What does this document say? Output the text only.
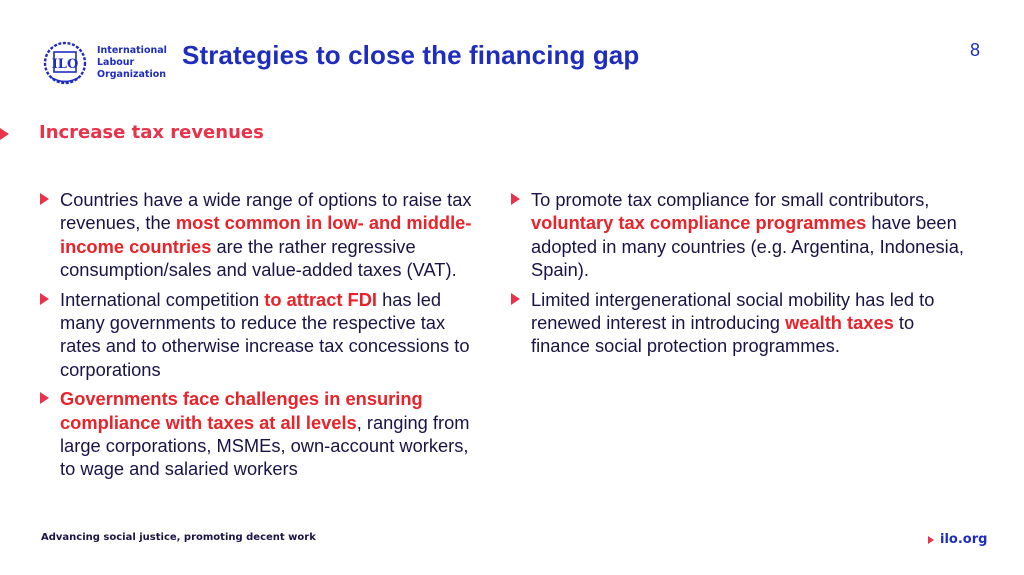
ILO
International
Labour
Organization
Strategies to close the financing gap	8
Increase tax revenues
Countries have a wide range of options to raise tax revenues, the most common in low- and middle-income countries are the rather regressive consumption/sales and value-added taxes (VAT).
International competition to attract FDI has led many governments to reduce the respective tax rates and to otherwise increase tax concessions to corporations
Governments face challenges in ensuring compliance with taxes at all levels, ranging from large corporations, MSMEs, own-account workers, to wage and salaried workers
To promote tax compliance for small contributors, voluntary tax compliance programmes have been adopted in many countries (e.g. Argentina, Indonesia, Spain).
Limited intergenerational social mobility has led to renewed interest in introducing wealth taxes to finance social protection programmes.
Advancing social justice, promoting decent work	ilo.org
